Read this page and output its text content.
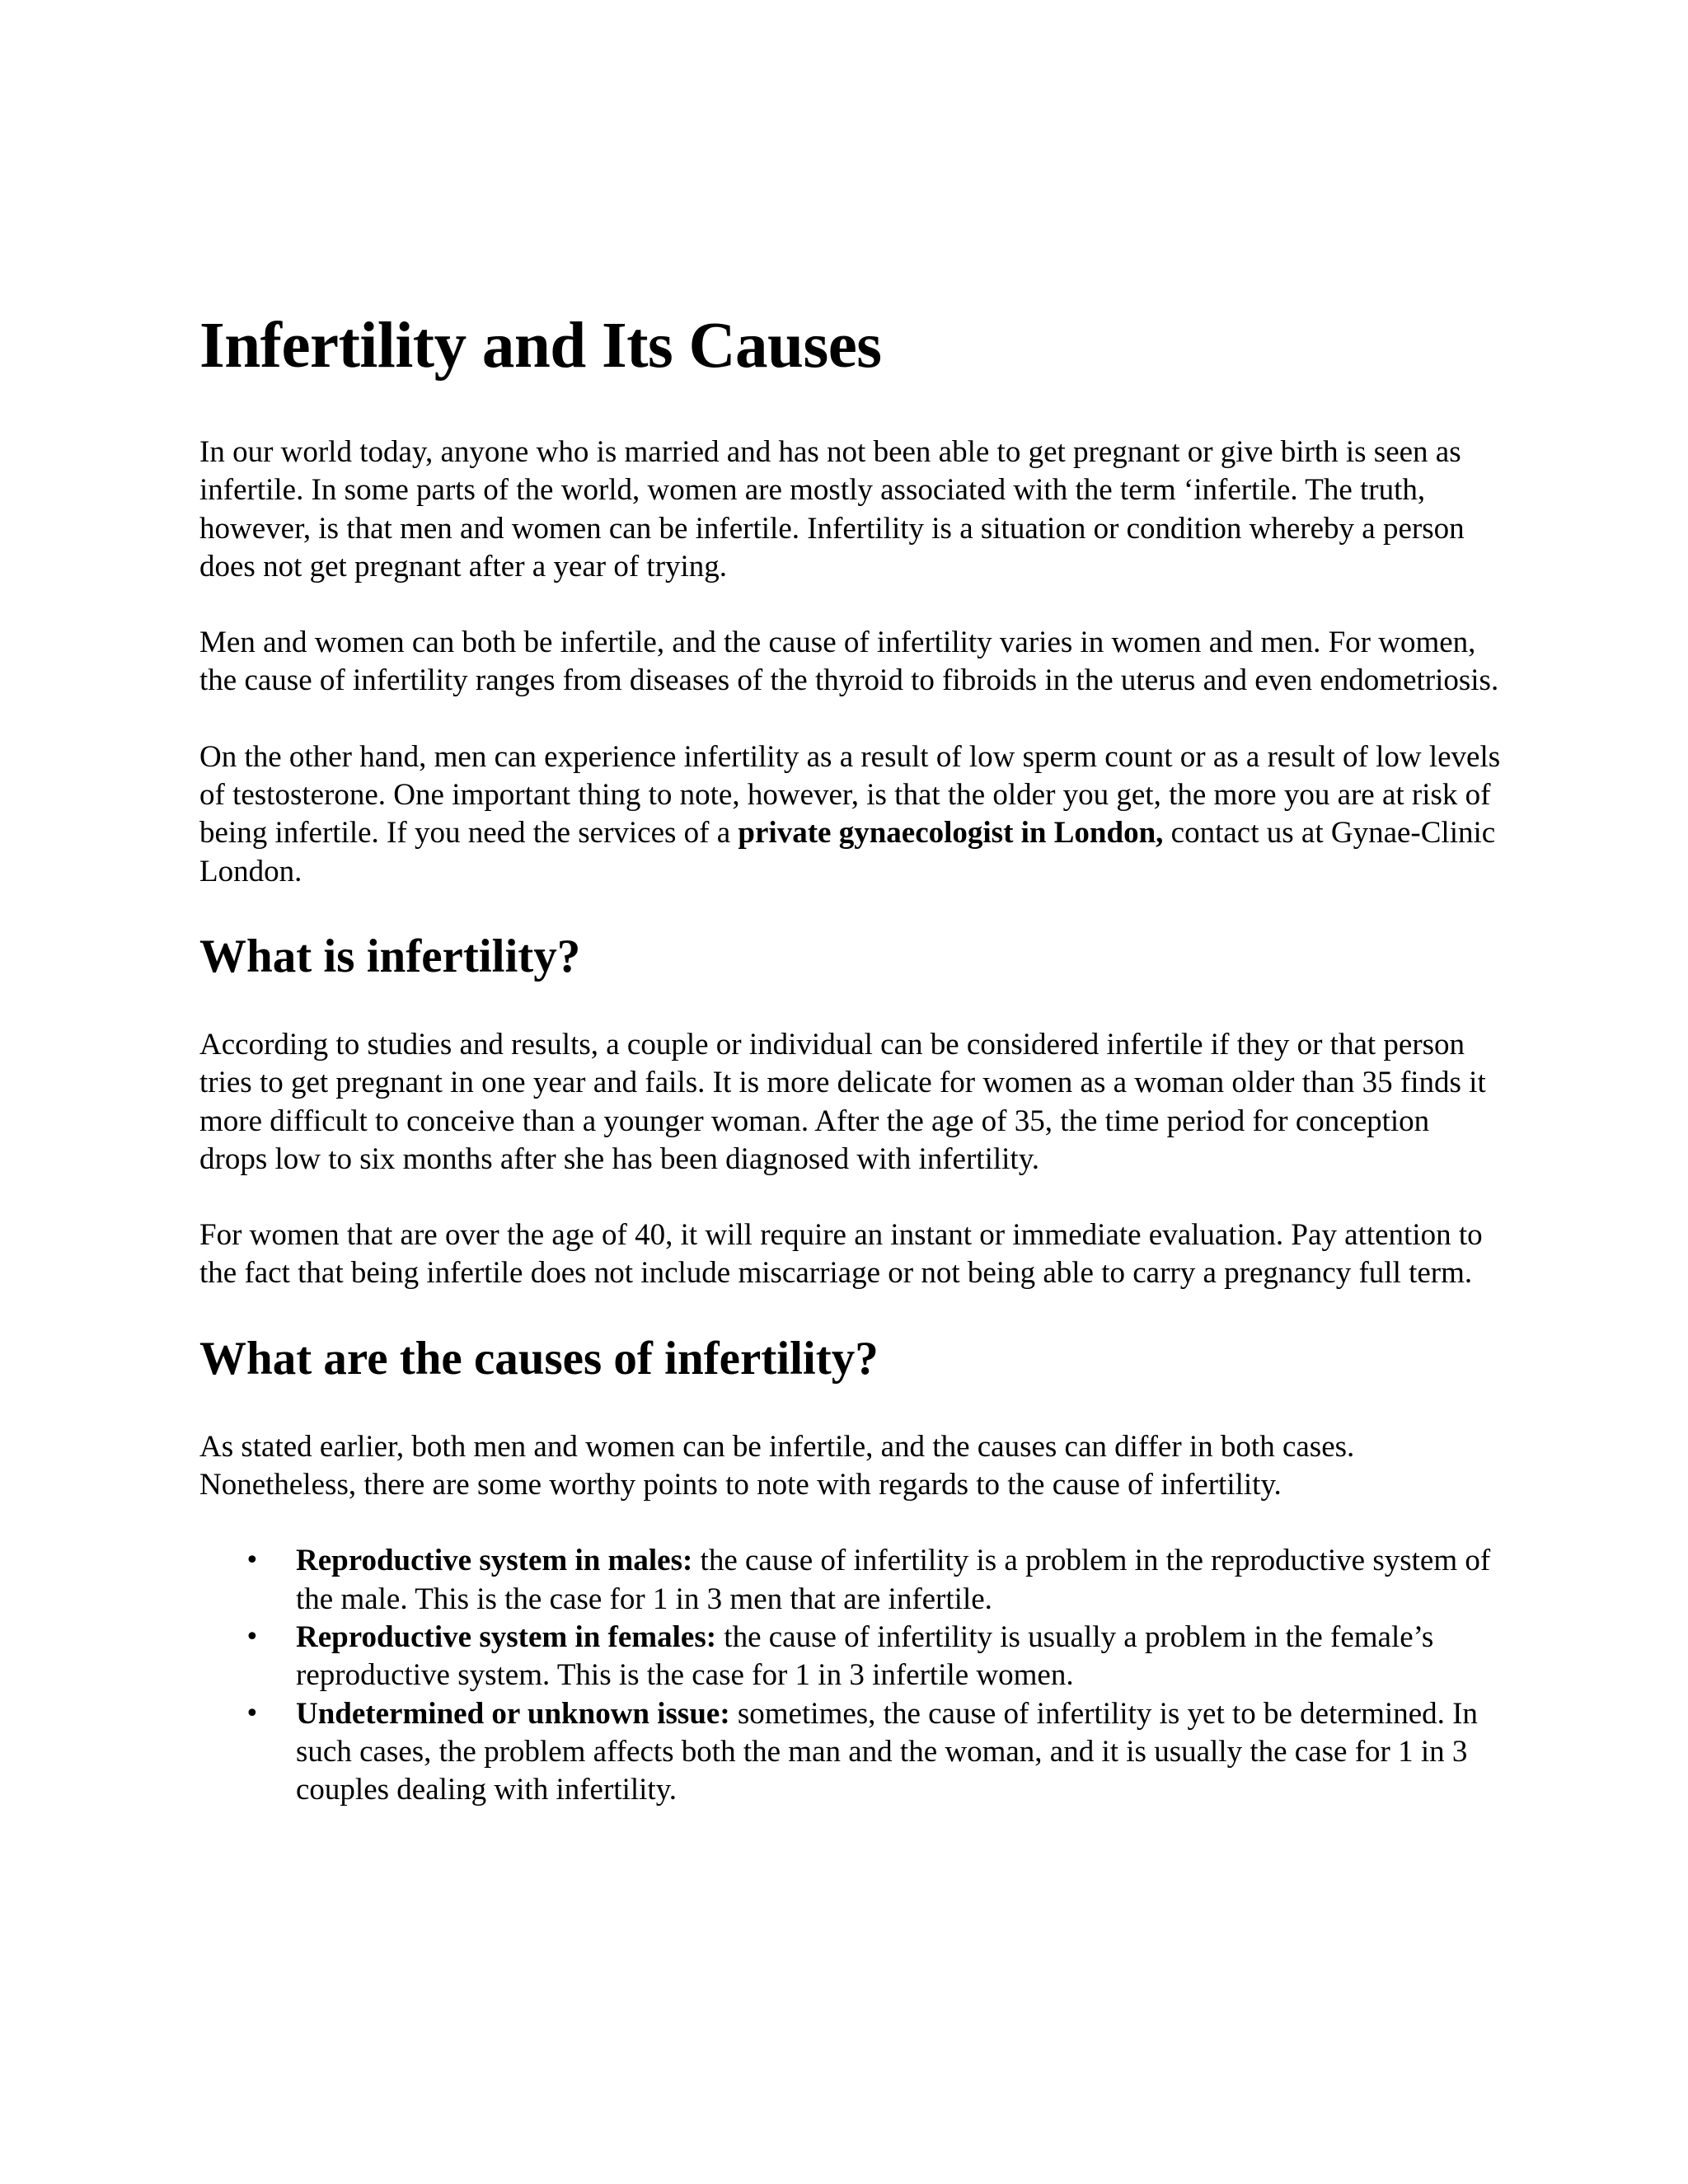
Infertility and Its Causes

In our world today, anyone who is married and has not been able to get pregnant or give birth is seen as infertile. In some parts of the world, women are mostly associated with the term ‘infertile. The truth, however, is that men and women can be infertile. Infertility is a situation or condition whereby a person does not get pregnant after a year of trying.

Men and women can both be infertile, and the cause of infertility varies in women and men. For women, the cause of infertility ranges from diseases of the thyroid to fibroids in the uterus and even endometriosis.

On the other hand, men can experience infertility as a result of low sperm count or as a result of low levels of testosterone. One important thing to note, however, is that the older you get, the more you are at risk of being infertile. If you need the services of a private gynaecologist in London, contact us at Gynae-Clinic London.

What is infertility?

According to studies and results, a couple or individual can be considered infertile if they or that person tries to get pregnant in one year and fails. It is more delicate for women as a woman older than 35 finds it more difficult to conceive than a younger woman. After the age of 35, the time period for conception drops low to six months after she has been diagnosed with infertility.

For women that are over the age of 40, it will require an instant or immediate evaluation. Pay attention to the fact that being infertile does not include miscarriage or not being able to carry a pregnancy full term.

What are the causes of infertility?

As stated earlier, both men and women can be infertile, and the causes can differ in both cases. Nonetheless, there are some worthy points to note with regards to the cause of infertility.

• Reproductive system in males: the cause of infertility is a problem in the reproductive system of the male. This is the case for 1 in 3 men that are infertile.
• Reproductive system in females: the cause of infertility is usually a problem in the female’s reproductive system. This is the case for 1 in 3 infertile women.
• Undetermined or unknown issue: sometimes, the cause of infertility is yet to be determined. In such cases, the problem affects both the man and the woman, and it is usually the case for 1 in 3 couples dealing with infertility.
